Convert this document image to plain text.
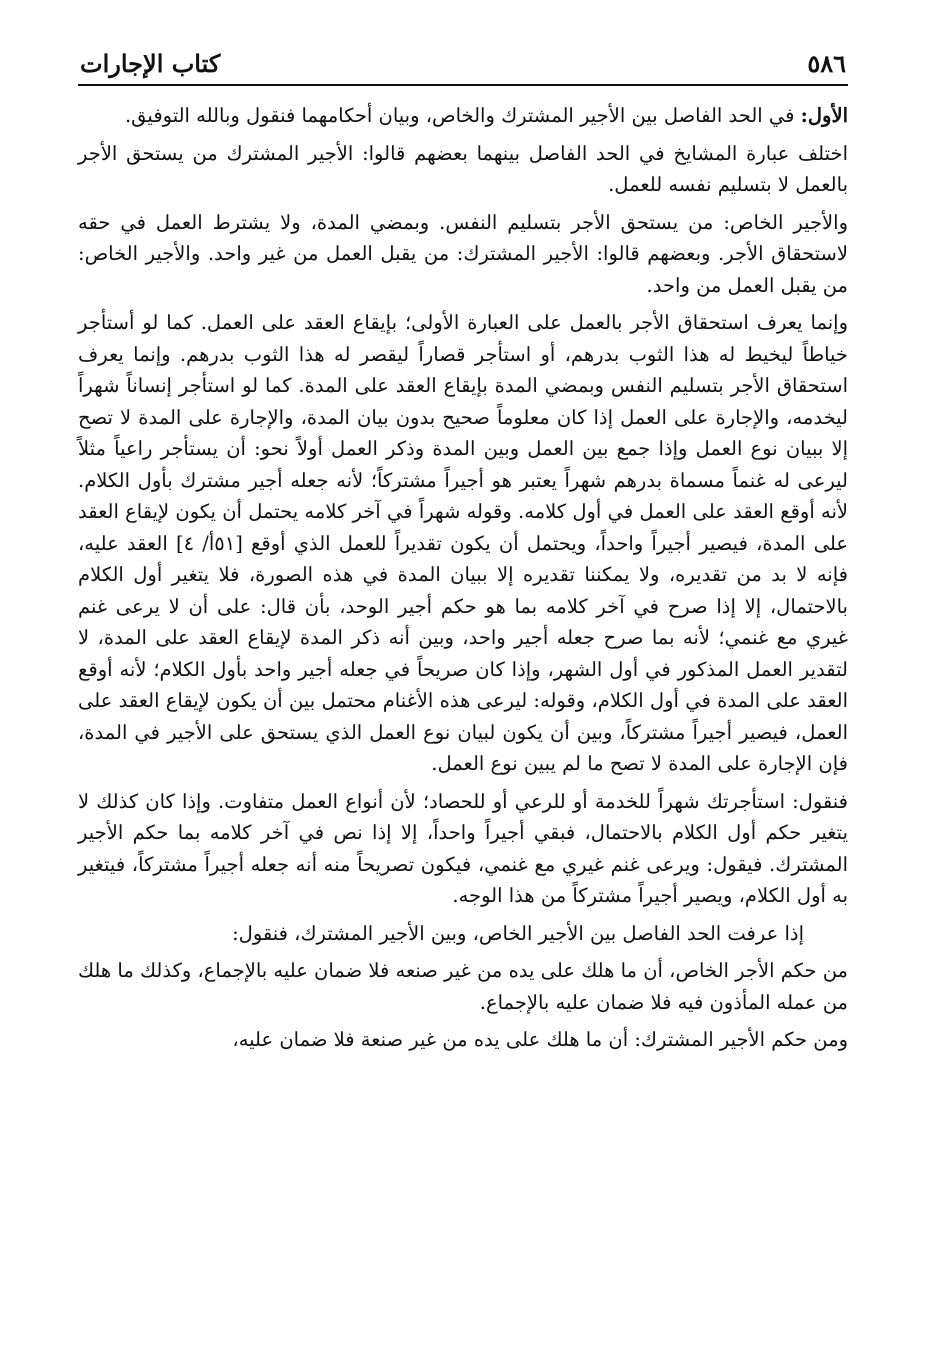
٥٨٦
كتاب الإجارات

الأول: في الحد الفاصل بين الأجير المشترك والخاص، وبيان أحكامهما فنقول وبالله التوفيق.

اختلف عبارة المشايخ في الحد الفاصل بينهما بعضهم قالوا: الأجير المشترك من يستحق الأجر بالعمل لا بتسليم نفسه للعمل.

والأجير الخاص: من يستحق الأجر بتسليم النفس. وبمضي المدة، ولا يشترط العمل في حقه لاستحقاق الأجر. وبعضهم قالوا: الأجير المشترك: من يقبل العمل من غير واحد. والأجير الخاص: من يقبل العمل من واحد.

وإنما يعرف استحقاق الأجر بالعمل على العبارة الأولى؛ بإيقاع العقد على العمل. كما لو أستأجر خياطاً ليخيط له هذا الثوب بدرهم، أو استأجر قصاراً ليقصر له هذا الثوب بدرهم. وإنما يعرف استحقاق الأجر بتسليم النفس وبمضي المدة بإيقاع العقد على المدة. كما لو استأجر إنساناً شهراً ليخدمه، والإجارة على العمل إذا كان معلوماً صحيح بدون بيان المدة، والإجارة على المدة لا تصح إلا ببيان نوع العمل وإذا جمع بين العمل وبين المدة وذكر العمل أولاً نحو: أن يستأجر راعياً مثلاً ليرعى له غنماً مسماة بدرهم شهراً يعتبر هو أجيراً مشتركاً؛ لأنه جعله أجير مشترك بأول الكلام. لأنه أوقع العقد على العمل في أول كلامه. وقوله شهراً في آخر كلامه يحتمل أن يكون لإيقاع العقد على المدة، فيصير أجيراً واحداً، ويحتمل أن يكون تقديراً للعمل الذي أوقع [٥١أ/ ٤] العقد عليه، فإنه لا بد من تقديره، ولا يمكننا تقديره إلا ببيان المدة في هذه الصورة، فلا يتغير أول الكلام بالاحتمال، إلا إذا صرح في آخر كلامه بما هو حكم أجير الوحد، بأن قال: على أن لا يرعى غنم غيري مع غنمي؛ لأنه بما صرح جعله أجير واحد، وبين أنه ذكر المدة لإيقاع العقد على المدة، لا لتقدير العمل المذكور في أول الشهر، وإذا كان صريحاً في جعله أجير واحد بأول الكلام؛ لأنه أوقع العقد على المدة في أول الكلام، وقوله: ليرعى هذه الأغنام محتمل بين أن يكون لإيقاع العقد على العمل، فيصير أجيراً مشتركاً، وبين أن يكون لبيان نوع العمل الذي يستحق على الأجير في المدة، فإن الإجارة على المدة لا تصح ما لم يبين نوع العمل.

فنقول: استأجرتك شهراً للخدمة أو للرعي أو للحصاد؛ لأن أنواع العمل متفاوت. وإذا كان كذلك لا يتغير حكم أول الكلام بالاحتمال، فبقي أجيراً واحداً، إلا إذا نص في آخر كلامه بما حكم الأجير المشترك. فيقول: ويرعى غنم غيري مع غنمي، فيكون تصريحاً منه أنه جعله أجيراً مشتركاً، فيتغير به أول الكلام، ويصير أجيراً مشتركاً من هذا الوجه.

إذا عرفت الحد الفاصل بين الأجير الخاص، وبين الأجير المشترك، فنقول:

من حكم الأجر الخاص، أن ما هلك على يده من غير صنعه فلا ضمان عليه بالإجماع، وكذلك ما هلك من عمله المأذون فيه فلا ضمان عليه بالإجماع.

ومن حكم الأجير المشترك: أن ما هلك على يده من غير صنعة فلا ضمان عليه،
